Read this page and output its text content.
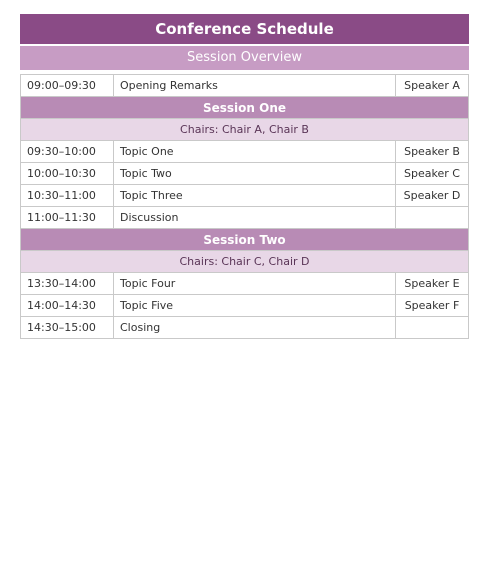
Conference Schedule
Session Overview
09:00–09:30	Opening Remarks	Speaker A
Session One		
Chairs: Chair A, Chair B		
09:30–10:00	Topic One	Speaker B
10:00–10:30	Topic Two	Speaker C
10:30–11:00	Topic Three	Speaker D
11:00–11:30	Discussion	
Session Two		
Chairs: Chair C, Chair D		
13:30–14:00	Topic Four	Speaker E
14:00–14:30	Topic Five	Speaker F
14:30–15:00	Closing	
